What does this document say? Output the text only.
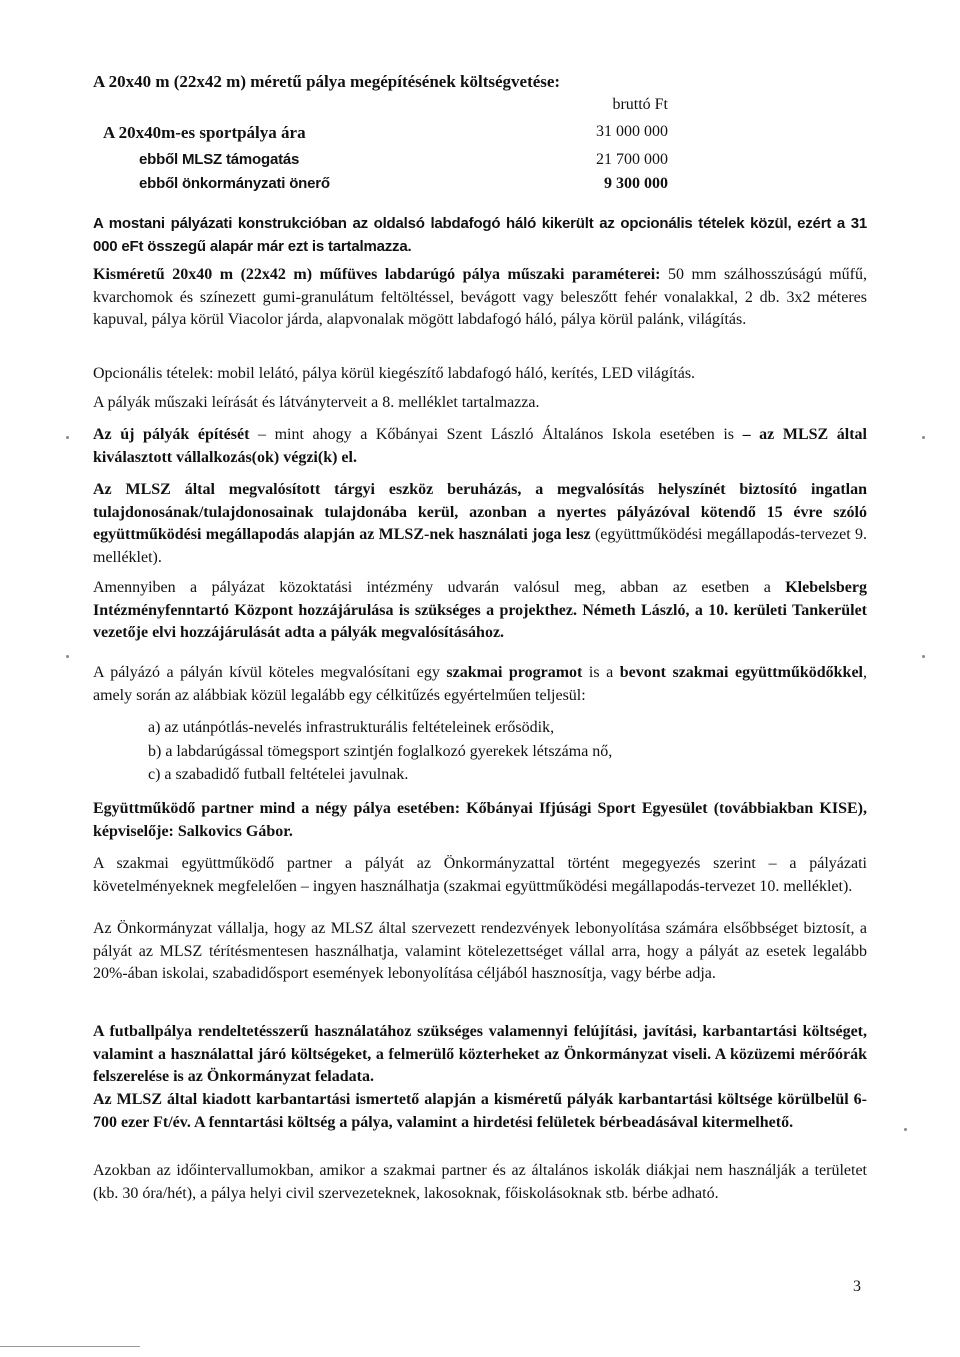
A 20x40 m (22x42 m) méretű pálya megépítésének költségvetése:
bruttó Ft
A 20x40m-es sportpálya ára	31 000 000
ebből MLSZ támogatás	21 700 000
ebből önkormányzati önerő	9 300 000

A mostani pályázati konstrukcióban az oldalsó labdafogó háló kikerült az opcionális tételek közül, ezért a 31 000 eFt összegű alapár már ezt is tartalmazza.

Kisméretű 20x40 m (22x42 m) műfüves labdarúgó pálya műszaki paraméterei: 50 mm szálhosszúságú műfű, kvarchomok és színezett gumi-granulátum feltöltéssel, bevágott vagy beleszőtt fehér vonalakkal, 2 db. 3x2 méteres kapuval, pálya körül Viacolor járda, alapvonalak mögött labdafogó háló, pálya körül palánk, világítás.

Opcionális tételek: mobil lelátó, pálya körül kiegészítő labdafogó háló, kerítés, LED világítás.

A pályák műszaki leírását és látványterveit a 8. melléklet tartalmazza.

Az új pályák építését – mint ahogy a Kőbányai Szent László Általános Iskola esetében is – az MLSZ által kiválasztott vállalkozás(ok) végzi(k) el.

Az MLSZ által megvalósított tárgyi eszköz beruházás, a megvalósítás helyszínét biztosító ingatlan tulajdonosának/tulajdonosainak tulajdonába kerül, azonban a nyertes pályázóval kötendő 15 évre szóló együttműködési megállapodás alapján az MLSZ-nek használati joga lesz (együttműködési megállapodás-tervezet 9. melléklet).

Amennyiben a pályázat közoktatási intézmény udvarán valósul meg, abban az esetben a Klebelsberg Intézményfenntartó Központ hozzájárulása is szükséges a projekthez. Németh László, a 10. kerületi Tankerület vezetője elvi hozzájárulását adta a pályák megvalósításához.

A pályázó a pályán kívül köteles megvalósítani egy szakmai programot is a bevont szakmai együttműködőkkel, amely során az alábbiak közül legalább egy célkitűzés egyértelműen teljesül:

a) az utánpótlás-nevelés infrastrukturális feltételeinek erősödik,
b) a labdarúgással tömegsport szintjén foglalkozó gyerekek létszáma nő,
c) a szabadidő futball feltételei javulnak.

Együttműködő partner mind a négy pálya esetében: Kőbányai Ifjúsági Sport Egyesület (továbbiakban KISE), képviselője: Salkovics Gábor.

A szakmai együttműködő partner a pályát az Önkormányzattal történt megegyezés szerint – a pályázati követelményeknek megfelelően – ingyen használhatja (szakmai együttműködési megállapodás-tervezet 10. melléklet).

Az Önkormányzat vállalja, hogy az MLSZ által szervezett rendezvények lebonyolítása számára elsőbbséget biztosít, a pályát az MLSZ térítésmentesen használhatja, valamint kötelezettséget vállal arra, hogy a pályát az esetek legalább 20%-ában iskolai, szabadidősport események lebonyolítása céljából hasznosítja, vagy bérbe adja.

A futballpálya rendeltetésszerű használatához szükséges valamennyi felújítási, javítási, karbantartási költséget, valamint a használattal járó költségeket, a felmerülő közterheket az Önkormányzat viseli. A közüzemi mérőórák felszerelése is az Önkormányzat feladata.

Az MLSZ által kiadott karbantartási ismertető alapján a kisméretű pályák karbantartási költsége körülbelül 6-700 ezer Ft/év. A fenntartási költség a pálya, valamint a hirdetési felületek bérbeadásával kitermelhető.

Azokban az időintervallumokban, amikor a szakmai partner és az általános iskolák diákjai nem használják a területet (kb. 30 óra/hét), a pálya helyi civil szervezeteknek, lakosoknak, főiskolásoknak stb. bérbe adható.

3
